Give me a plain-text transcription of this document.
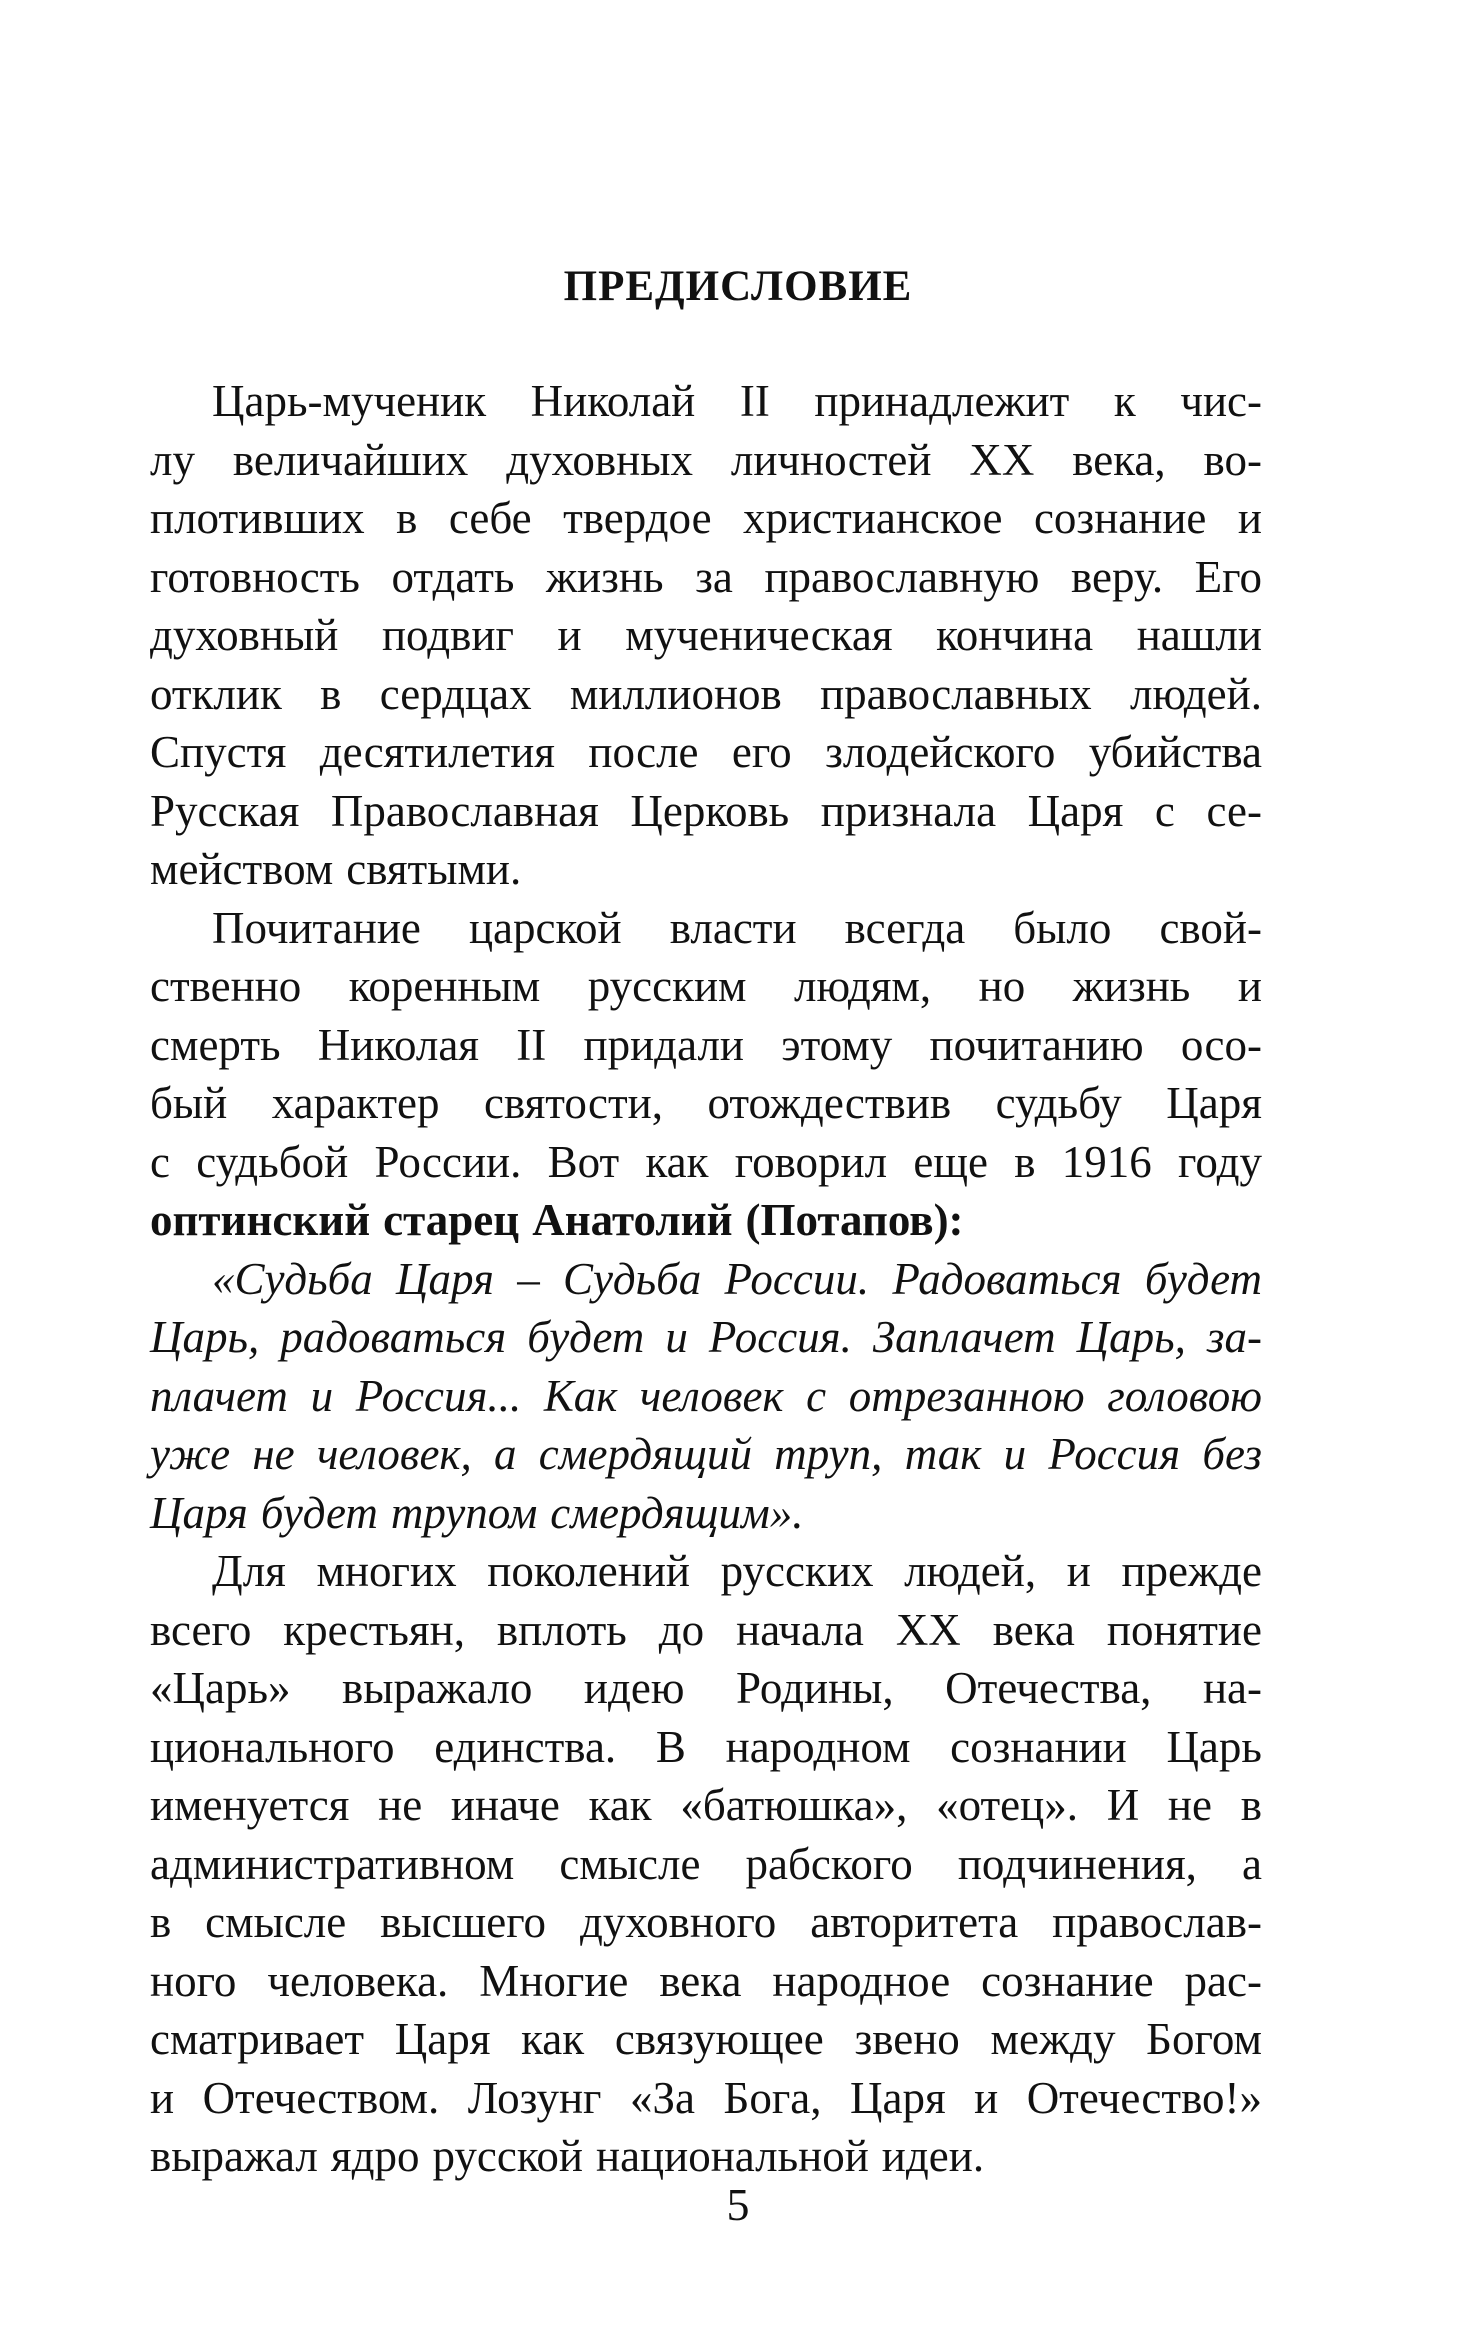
ПРЕДИСЛОВИЕ
Царь-мученик Николай II принадлежит к чис-
лу величайших духовных личностей XX века, во-
плотивших в себе твердое христианское сознание и
готовность отдать жизнь за православную веру. Его
духовный подвиг и мученическая кончина нашли
отклик в сердцах миллионов православных людей.
Спустя десятилетия после его злодейского убийства
Русская Православная Церковь признала Царя с се-
мейством святыми.
Почитание царской власти всегда было свой-
ственно коренным русским людям, но жизнь и
смерть Николая II придали этому почитанию осо-
бый характер святости, отождествив судьбу Царя
с судьбой России. Вот как говорил еще в 1916 году
оптинский старец Анатолий (Потапов):
«Судьба Царя – Судьба России. Радоваться будет
Царь, радоваться будет и Россия. Заплачет Царь, за-
плачет и Россия... Как человек с отрезанною головою
уже не человек, а смердящий труп, так и Россия без
Царя будет трупом смердящим».
Для многих поколений русских людей, и прежде
всего крестьян, вплоть до начала XX века понятие
«Царь» выражало идею Родины, Отечества, на-
ционального единства. В народном сознании Царь
именуется не иначе как «батюшка», «отец». И не в
административном смысле рабского подчинения, а
в смысле высшего духовного авторитета православ-
ного человека. Многие века народное сознание рас-
сматривает Царя как связующее звено между Богом
и Отечеством. Лозунг «За Бога, Царя и Отечество!»
выражал ядро русской национальной идеи.
5
